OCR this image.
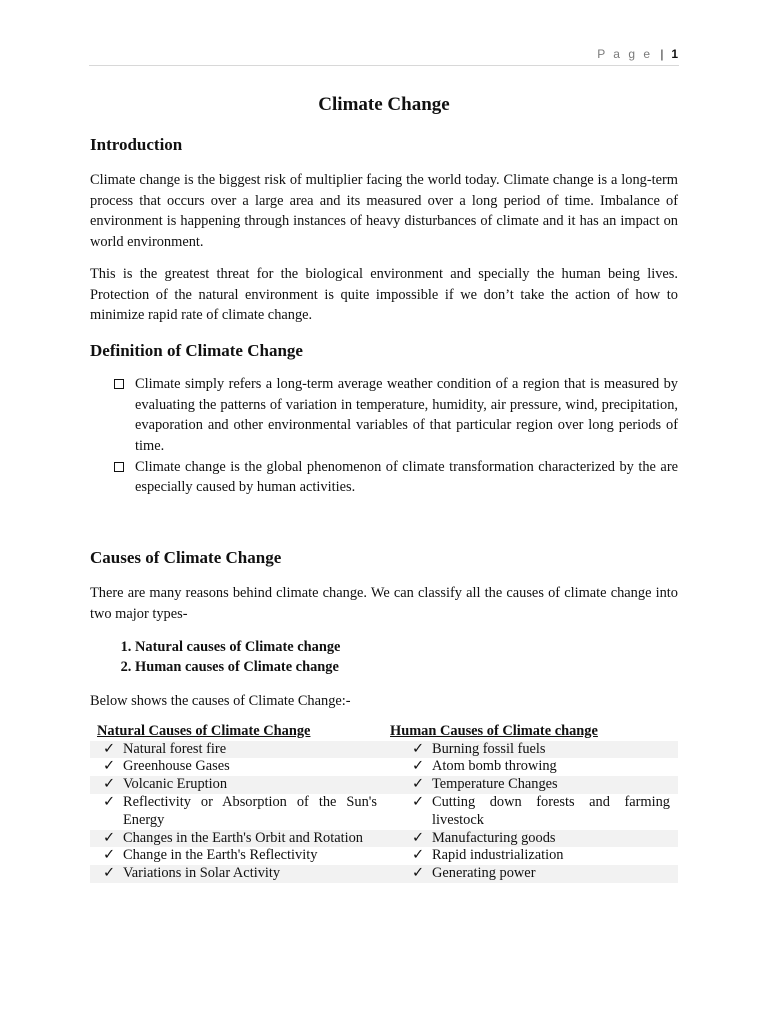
P a g e | 1
Climate Change
Introduction

Climate change is the biggest risk of multiplier facing the world today. Climate change is a long-term process that occurs over a large area and its measured over a long period of time. Imbalance of environment is happening through instances of heavy disturbances of climate and it has an impact on world environment.

This is the greatest threat for the biological environment and specially the human being lives. Protection of the natural environment is quite impossible if we don’t take the action of how to minimize rapid rate of climate change.

Definition of Climate Change
Climate simply refers a long-term average weather condition of a region that is measured by evaluating the patterns of variation in temperature, humidity, air pressure, wind, precipitation, evaporation and other environmental variables of that particular region over long periods of time.
Climate change is the global phenomenon of climate transformation characterized by the are especially caused by human activities.
Causes of Climate Change

There are many reasons behind climate change. We can classify all the causes of climate change into two major types-

1. Natural causes of Climate change
2. Human causes of Climate change

Below shows the causes of Climate Change:-

Natural Causes of Climate Change		Human Causes of Climate change	
✓	Natural forest fire	✓	Burning fossil fuels
✓	Greenhouse Gases	✓	Atom bomb throwing
✓	Volcanic Eruption	✓	Temperature Changes
✓	Reflectivity or Absorption of the Sun's Energy	✓	Cutting down forests and farming livestock
✓	Changes in the Earth's Orbit and Rotation	✓	Manufacturing goods
✓	Change in the Earth's Reflectivity	✓	Rapid industrialization
✓	Variations in Solar Activity	✓	Generating power
